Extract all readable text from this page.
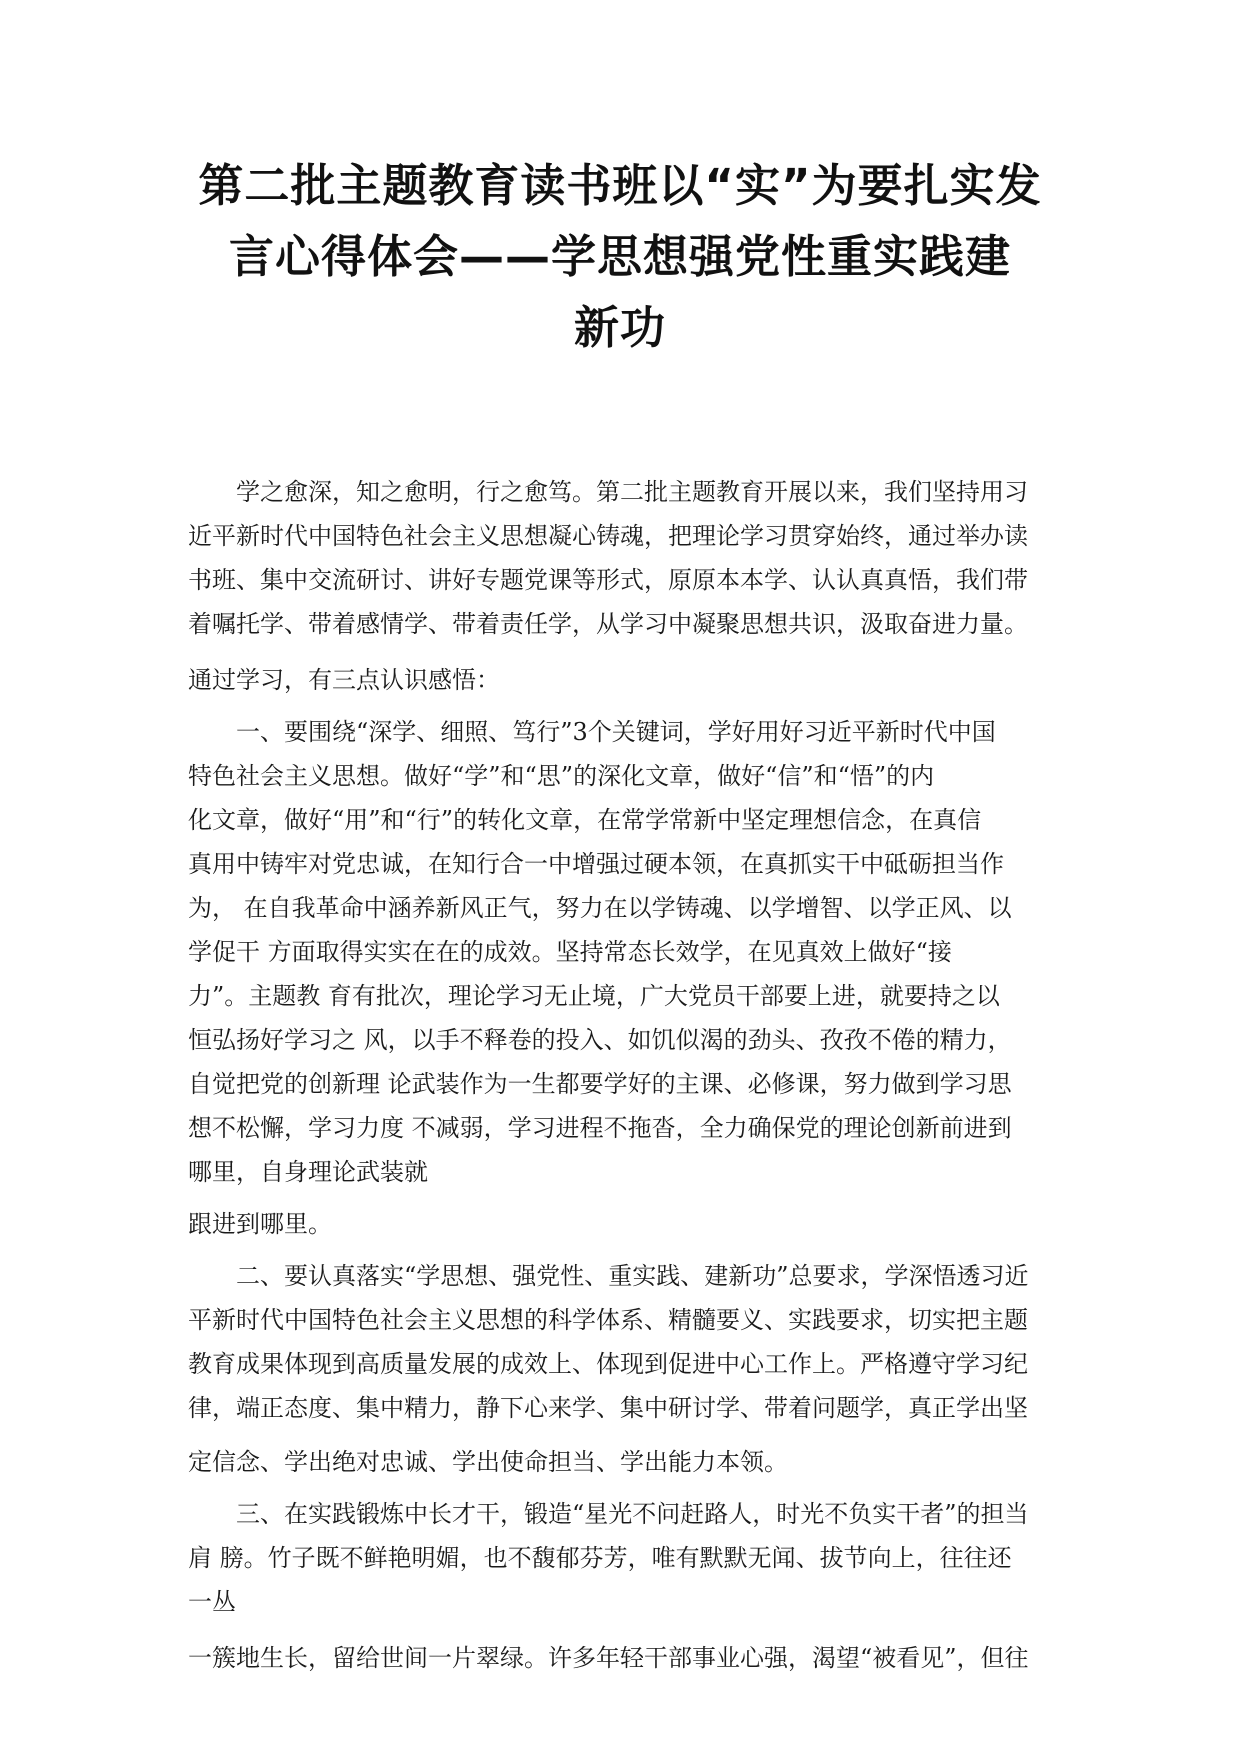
第二批主题教育读书班以“实”为要扎实发
言心得体会——学思想强党性重实践建
新功
学之愈深，知之愈明，行之愈笃。第二批主题教育开展以来，我们坚持用习
近平新时代中国特色社会主义思想凝心铸魂，把理论学习贯穿始终，通过举办读
书班、集中交流研讨、讲好专题党课等形式，原原本本学、认认真真悟，我们带
着嘱托学、带着感情学、带着责任学，从学习中凝聚思想共识，汲取奋进力量。
通过学习，有三点认识感悟：
一、要围绕“深学、细照、笃行”3个关键词，学好用好习近平新时代中国
特色社会主义思想。做好“学”和“思”的深化文章，做好“信”和“悟”的内
化文章，做好“用”和“行”的转化文章，在常学常新中坚定理想信念，在真信
真用中铸牢对党忠诚，在知行合一中增强过硬本领，在真抓实干中砥砺担当作
为， 在自我革命中涵养新风正气，努力在以学铸魂、以学增智、以学正风、以
学促干 方面取得实实在在的成效。坚持常态长效学，在见真效上做好“接
力”。主题教 育有批次，理论学习无止境，广大党员干部要上进，就要持之以
恒弘扬好学习之 风，以手不释卷的投入、如饥似渴的劲头、孜孜不倦的精力，
自觉把党的创新理 论武装作为一生都要学好的主课、必修课，努力做到学习思
想不松懈，学习力度 不减弱，学习进程不拖沓，全力确保党的理论创新前进到
哪里，自身理论武装就
跟进到哪里。
二、要认真落实“学思想、强党性、重实践、建新功”总要求，学深悟透习近
平新时代中国特色社会主义思想的科学体系、精髓要义、实践要求，切实把主题
教育成果体现到高质量发展的成效上、体现到促进中心工作上。严格遵守学习纪
律，端正态度、集中精力，静下心来学、集中研讨学、带着问题学，真正学出坚
定信念、学出绝对忠诚、学出使命担当、学出能力本领。
三、在实践锻炼中长才干，锻造“星光不问赶路人，时光不负实干者”的担当
肩 膀。竹子既不鲜艳明媚，也不馥郁芬芳，唯有默默无闻、拔节向上，往往还
一丛
一簇地生长，留给世间一片翠绿。许多年轻干部事业心强，渴望“被看见”，但往
